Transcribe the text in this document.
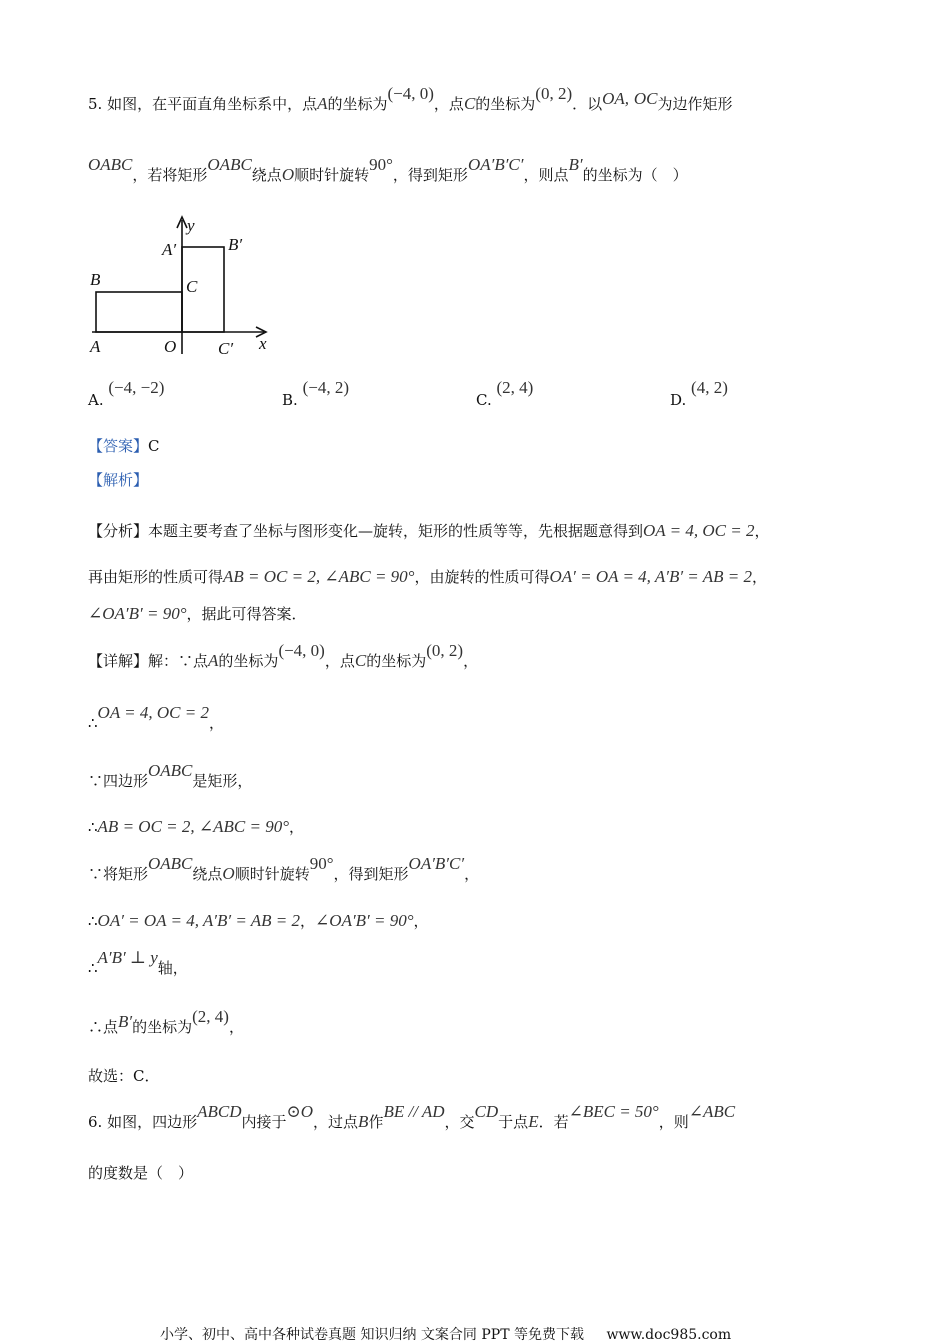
5. 如图，在平面直角坐标系中，点A的坐标为(−4, 0)，点C的坐标为(0, 2)．以OA, OC为边作矩形
OABC，若将矩形OABC绕点O顺时针旋转90°，得到矩形OA′B′C′，则点B′的坐标为（　）
y
A′	B′
B	C
A	O C′ x
A. (−4, −2)
B. (−4, 2)
C. (2, 4)
D. (4, 2)
【答案】C
【解析】
【分析】本题主要考查了坐标与图形变化—旋转，矩形的性质等等，先根据题意得到OA = 4, OC = 2，
再由矩形的性质可得AB = OC = 2, ∠ABC = 90°，由旋转的性质可得OA′ = OA = 4, A′B′ = AB = 2，
∠OA′B′ = 90°，据此可得答案．
【详解】解：∵点A的坐标为(−4, 0)，点C的坐标为(0, 2)，
∴OA = 4, OC = 2，
∵四边形OABC是矩形，
∴AB = OC = 2, ∠ABC = 90°，
∵将矩形OABC绕点O顺时针旋转90°，得到矩形OA′B′C′，
∴OA′ = OA = 4, A′B′ = AB = 2，∠OA′B′ = 90°，
∴A′B′ ⊥ y轴，
∴点B′的坐标为(2, 4)，
故选：C．
6. 如图，四边形ABCD内接于⊙O，过点B作BE // AD，交CD于点E．若∠BEC = 50°，则∠ABC
的度数是（　）
小学、初中、高中各种试卷真题 知识归纳 文案合同 PPT 等免费下载 www.doc985.com
